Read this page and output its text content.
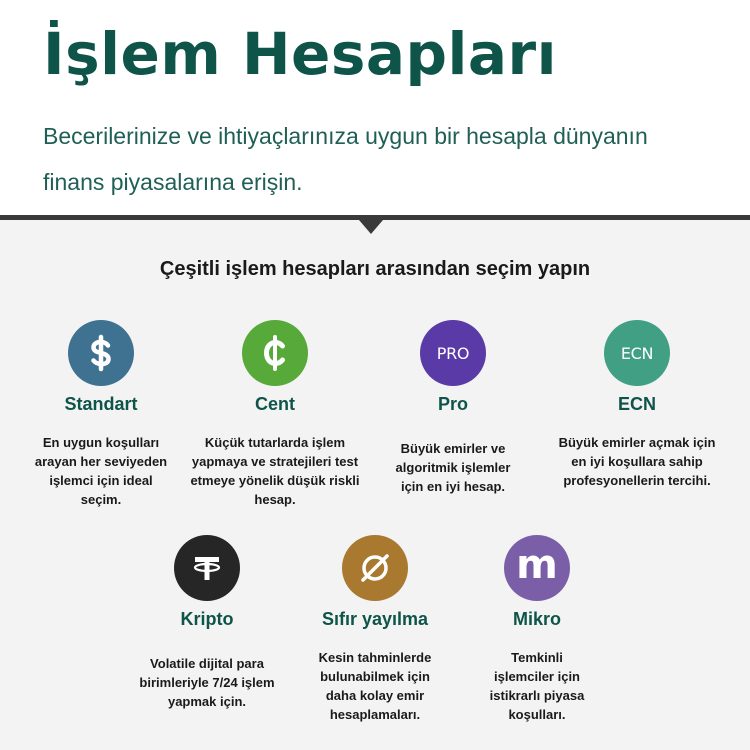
İşlem Hesapları

Becerilerinize ve ihtiyaçlarınıza uygun bir hesapla dünyanın finans piyasalarına erişin.

Çeşitli işlem hesapları arasından seçim yapın
Standart
En uygun koşulları arayan her seviyeden işlemci için ideal seçim.
Cent
Küçük tutarlarda işlem yapmaya ve stratejileri test etmeye yönelik düşük riskli hesap.
PRO
Pro
Büyük emirler ve algoritmik işlemler için en iyi hesap.
ECN
ECN
Büyük emirler açmak için en iyi koşullara sahip profesyonellerin tercihi.
Kripto
Volatile dijital para birimleriyle 7/24 işlem yapmak için.
Sıfır yayılma
Kesin tahminlerde bulunabilmek için daha kolay emir hesaplamaları.
m
Mikro
Temkinli işlemciler için istikrarlı piyasa koşulları.
